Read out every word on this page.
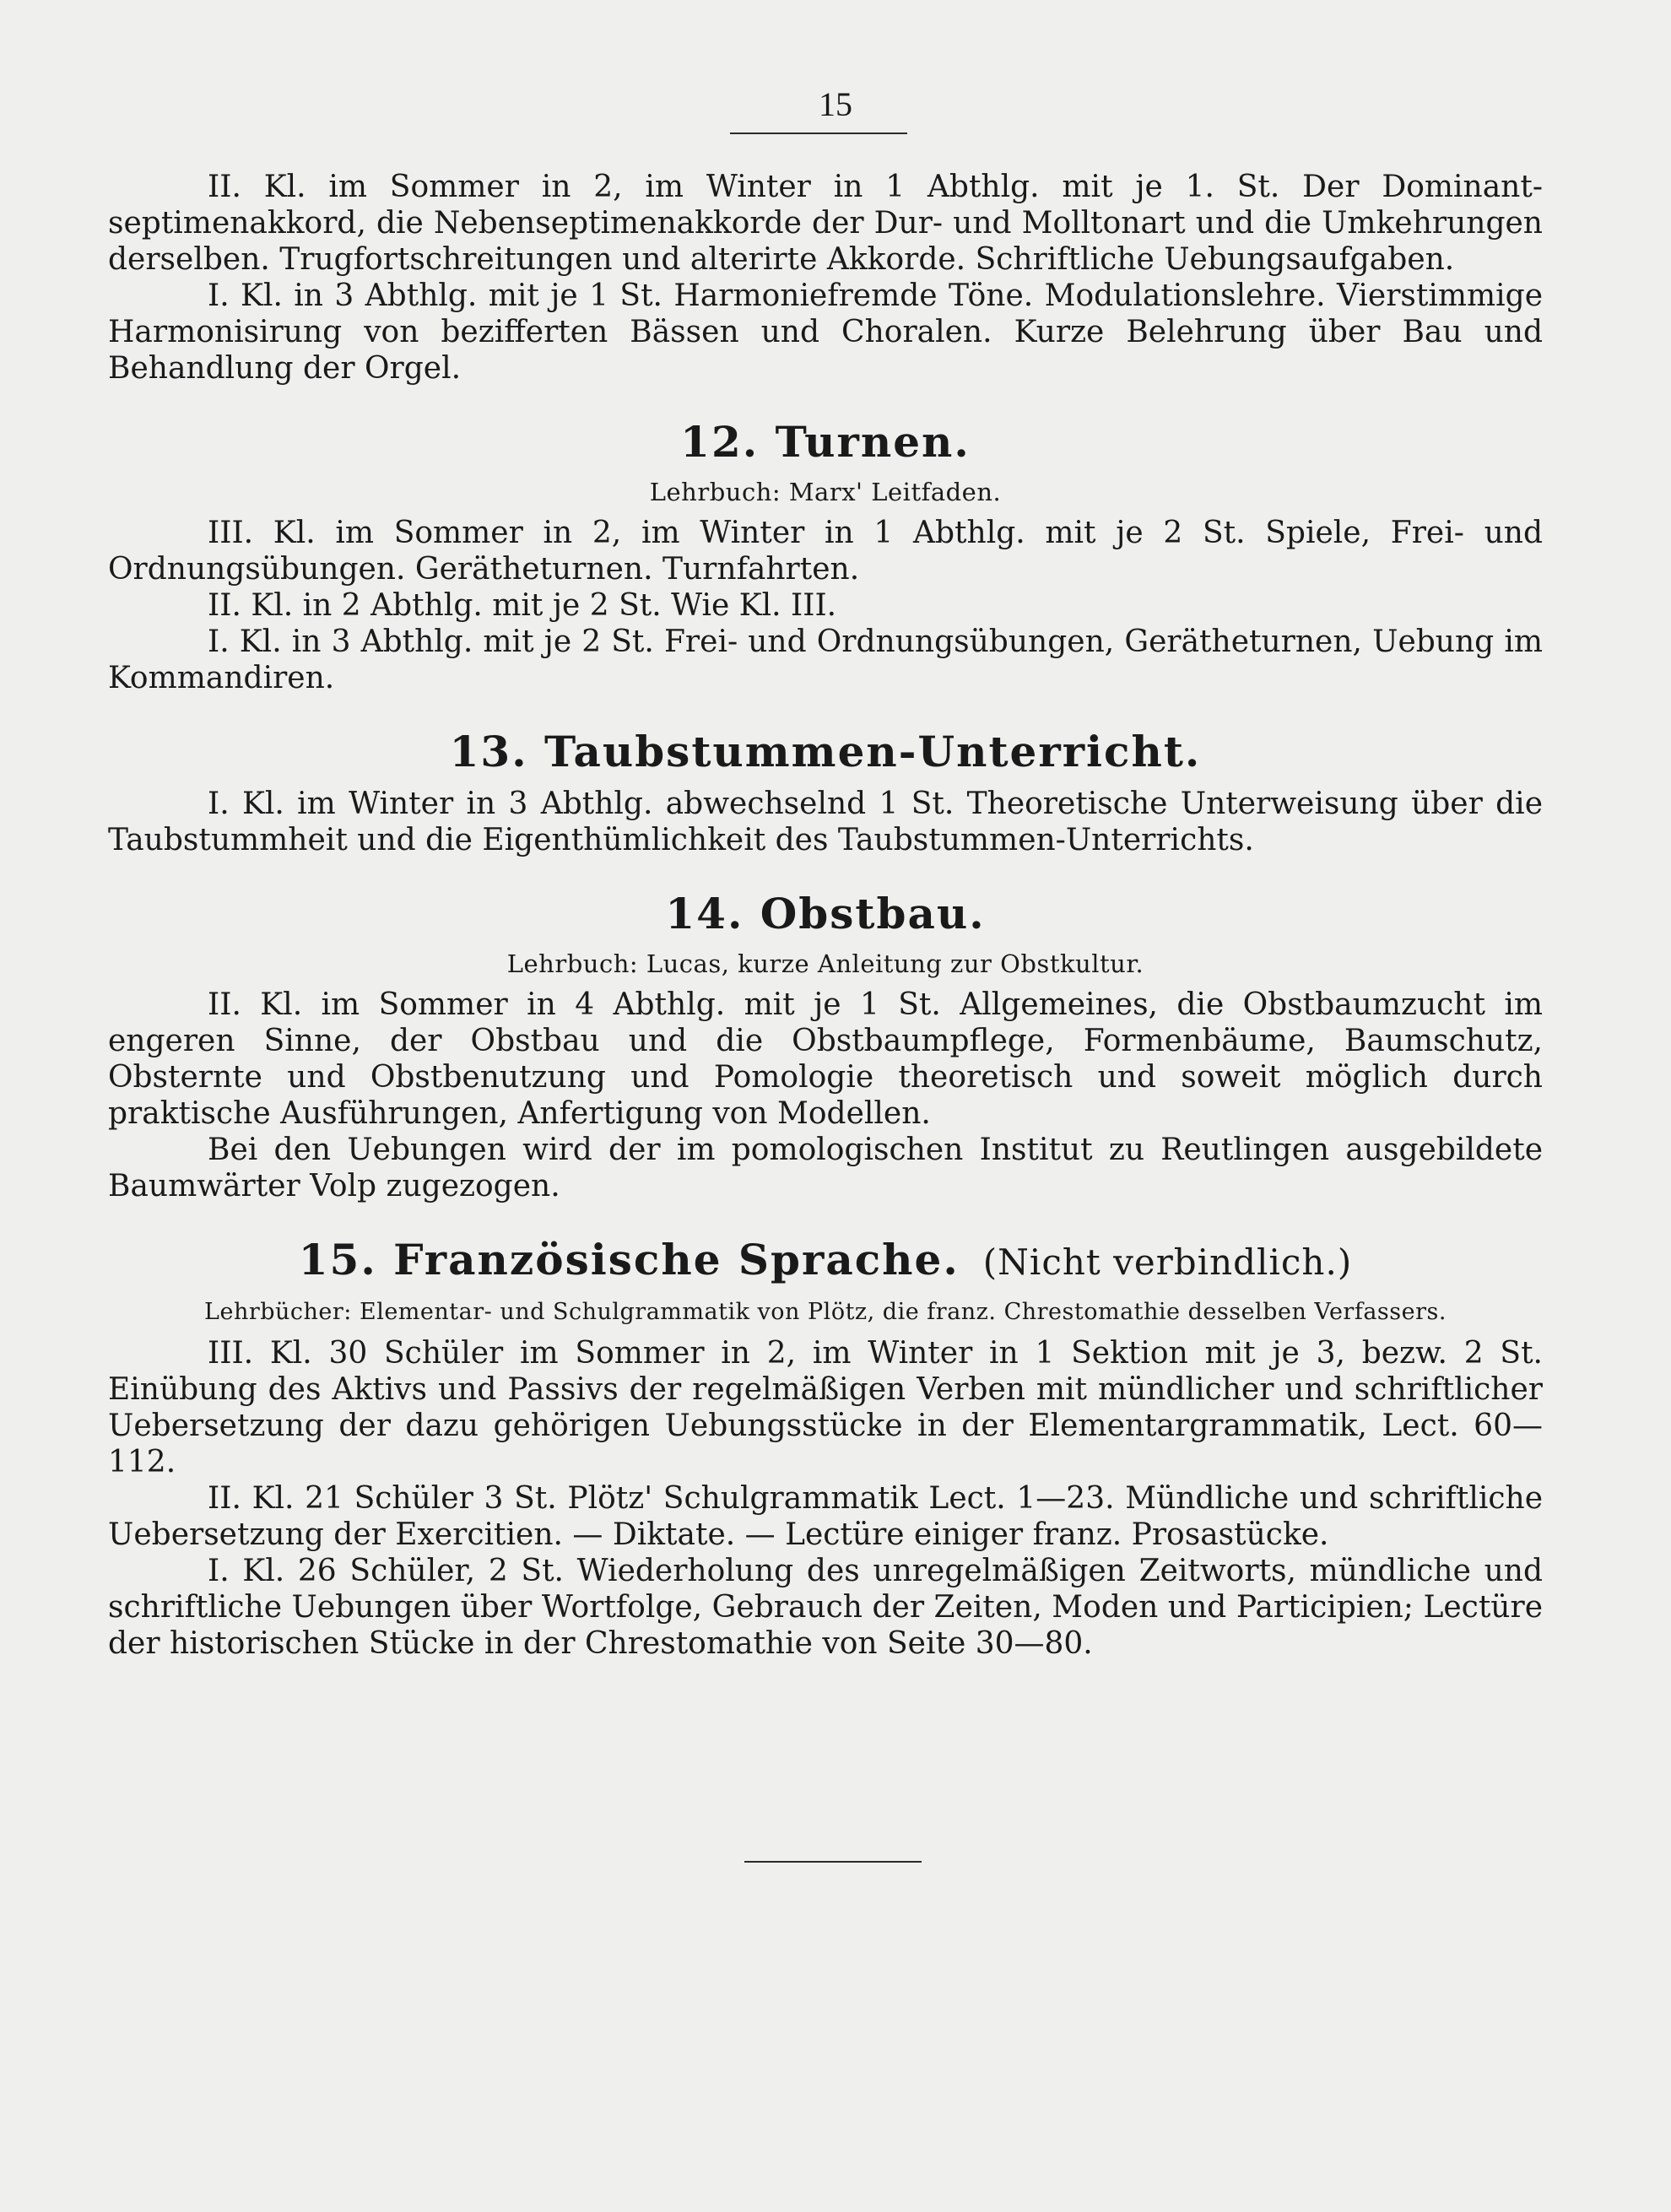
15

II. Kl. im Sommer in 2, im Winter in 1 Abthlg. mit je 1. St. Der Dominantseptimenakkord, die Nebenseptimenakkorde der Dur- und Molltonart und die Umkehrungen derselben. Trugfortschreitungen und alterirte Akkorde. Schriftliche Uebungsaufgaben.

I. Kl. in 3 Abthlg. mit je 1 St. Harmoniefremde Töne. Modulationslehre. Vierstimmige Harmonisirung von bezifferten Bässen und Choralen. Kurze Belehrung über Bau und Behandlung der Orgel.

12. Turnen.
Lehrbuch: Marx' Leitfaden.

III. Kl. im Sommer in 2, im Winter in 1 Abthlg. mit je 2 St. Spiele, Frei- und Ordnungsübungen. Gerätheturnen. Turnfahrten.

II. Kl. in 2 Abthlg. mit je 2 St. Wie Kl. III.

I. Kl. in 3 Abthlg. mit je 2 St. Frei- und Ordnungsübungen, Gerätheturnen, Uebung im Kommandiren.

13. Taubstummen-Unterricht.

I. Kl. im Winter in 3 Abthlg. abwechselnd 1 St. Theoretische Unterweisung über die Taubstummheit und die Eigenthümlichkeit des Taubstummen-Unterrichts.

14. Obstbau.
Lehrbuch: Lucas, kurze Anleitung zur Obstkultur.

II. Kl. im Sommer in 4 Abthlg. mit je 1 St. Allgemeines, die Obstbaumzucht im engeren Sinne, der Obstbau und die Obstbaumpflege, Formenbäume, Baumschutz, Obsternte und Obstbenutzung und Pomologie theoretisch und soweit möglich durch praktische Ausführungen, Anfertigung von Modellen.

Bei den Uebungen wird der im pomologischen Institut zu Reutlingen ausgebildete Baumwärter Volp zugezogen.

15. Französische Sprache. (Nicht verbindlich.)
Lehrbücher: Elementar- und Schulgrammatik von Plötz, die franz. Chrestomathie desselben Verfassers.

III. Kl. 30 Schüler im Sommer in 2, im Winter in 1 Sektion mit je 3, bezw. 2 St. Einübung des Aktivs und Passivs der regelmäßigen Verben mit mündlicher und schriftlicher Uebersetzung der dazu gehörigen Uebungsstücke in der Elementargrammatik, Lect. 60—112.

II. Kl. 21 Schüler 3 St. Plötz' Schulgrammatik Lect. 1—23. Mündliche und schriftliche Uebersetzung der Exercitien. — Diktate. — Lectüre einiger franz. Prosastücke.

I. Kl. 26 Schüler, 2 St. Wiederholung des unregelmäßigen Zeitworts, mündliche und schriftliche Uebungen über Wortfolge, Gebrauch der Zeiten, Moden und Participien; Lectüre der historischen Stücke in der Chrestomathie von Seite 30—80.
